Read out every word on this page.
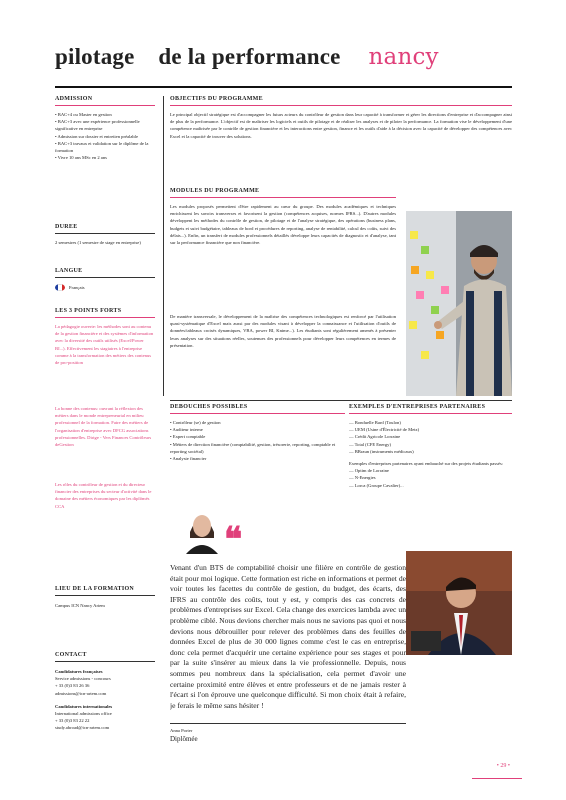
pilotage    de la performance nancy
ADMISSION
• BAC+4 ou Master en gestion
• BAC+3 avec une expérience professionnelle significative en entreprise
• Admission sur dossier et entretien préalable
• BAC+3 travaux et validation sur le diplôme de la formation
• Vivre 10 ans MSc en 2 ans
DUREE
2 semestres (1 semestre de stage en entreprise)
LANGUE
Français
LES 3 POINTS FORTS
La pédagogie ouverte: les méthodes sont au contenu de la gestion financière et des systèmes d'information avec la diversité des outils utilisés (Excel/Power BI...). Effectivement les stagiaires à l'entreprise comme à la transformation des métiers des contenus de pro-position
La bonne des contenus: ouvrant la réflexion des métiers dans le monde entrepreneurial en milieu professionnel de la formation. Faire des métiers de l'organisation d'entreprise avec DFCG associations professionnelles. Dirige - Vers Finances Contrôleurs deGestion
Les rôles du contrôleur de gestion et du directeur financier des entreprises du secteur d'activité dans le domaine des métiers économiques par les diplômés CCA
LIEU DE LA FORMATION
Campus ICN Nancy Artem
CONTACT
Candidatures françaises
Service admissions - concours
+ 33 (0)3 83 26 36
admissions@icn-artem.com
Candidatures internationales
International admissions office
+ 33 (0)3 83 22 22
study.abroad@icn-artem.com
OBJECTIFS DU PROGRAMME
Le principal objectif stratégique est d'accompagner les futurs acteurs du contrôleur de gestion dans leur capacité à transformer et gérer les directions d'entreprise et d'accompagner ainsi de plus de la performance. L'objectif est de maîtriser les logiciels et outils de pilotage et de réaliser les analyses et de piloter la performance. La formation vise le développement d'une compétence maîtrisée par le contrôle de gestion financière et les interactions entre gestion, finance et les outils d'aide à la décision avec la capacité de développer des compétences avec Excel et la capacité de trouver des solutions.
MODULES DU PROGRAMME
Les modules proposés permettent d'être rapidement au cœur du groupe. Des modules académiques et techniques enrichissent les savoirs transverses et favorisent la gestion (compétences acquises, normes IFRS...). D'autres modules développent les méthodes du contrôle de gestion, de pilotage et de l'analyse stratégique, des opérations (business plans, budgets et suivi budgétaire, tableaux de bord et procédures de reporting, analyse de rentabilité, calcul des coûts, suivi des délais...). Enfin, un transfert de modules professionnels détaillés développe leurs capacités de diagnostic et d'analyse, tant sur la performance financière que non financière.
De manière transversale, le développement de la maîtrise des compétences technologiques est renforcé par l'utilisation quasi-systématique d'Excel mais aussi par des modules visant à développer la connaissance et l'utilisation d'outils de données/tableaux croisés dynamiques, VBA, power BI, Knime...). Les étudiants sont régulièrement amenés à présenter leurs analyses sur des situations réelles, soutenues des professionnels pour développer leurs compétences en termes de présentation.
DEBOUCHES POSSIBLES
• Contrôleur (se) de gestion
• Auditeur interne
• Expert comptable
• Métiers de direction financière (comptabilité, gestion, trésorerie, reporting, comptable et reporting sociétal)
• Analyste financier
EXEMPLES D'ENTREPRISES PARTENAIRES
— Bonduelle Bard (Toulon)
— UEM (Usine d'Électricité de Metz)
— Crédit Agricole Lorraine
— Total (CFE Energy)
— BBraun (instruments médicaux)
Exemples d'entreprises partenaires ayant embauché sur des projets étudiants passés:
— Optim de Lorraine
— N-Energies
— Lorca (Groupe Cavalier)...
❝
Venant d'un BTS de comptabilité choisir une filière en contrôle de gestion était pour moi logique. Cette formation est riche en informations et permet de voir toutes les facettes du contrôle de gestion, du budget, des écarts, des IFRS au contrôle des coûts, tout y est, y compris des cas concrets de problèmes d'entreprises sur Excel. Cela change des exercices lambda avec un problème ciblé. Nous devions chercher mais nous ne savions pas quoi et nous devions nous débrouiller pour relever des problèmes dans des feuilles de données Excel de plus de 30 000 lignes comme c'est le cas en entreprise, donc cela permet d'acquérir une certaine expérience pour ses stages et pour par la suite s'insérer au mieux dans la vie professionnelle. Depuis, nous sommes peu nombreux dans la spécialisation, cela permet d'avoir une certaine proximité entre élèves et entre professeurs et de ne jamais rester à l'écart si l'on éprouve une quelconque difficulté. Si mon choix était à refaire, je ferais le même sans hésiter !
Anna Porter
Diplômée
• 29 •
